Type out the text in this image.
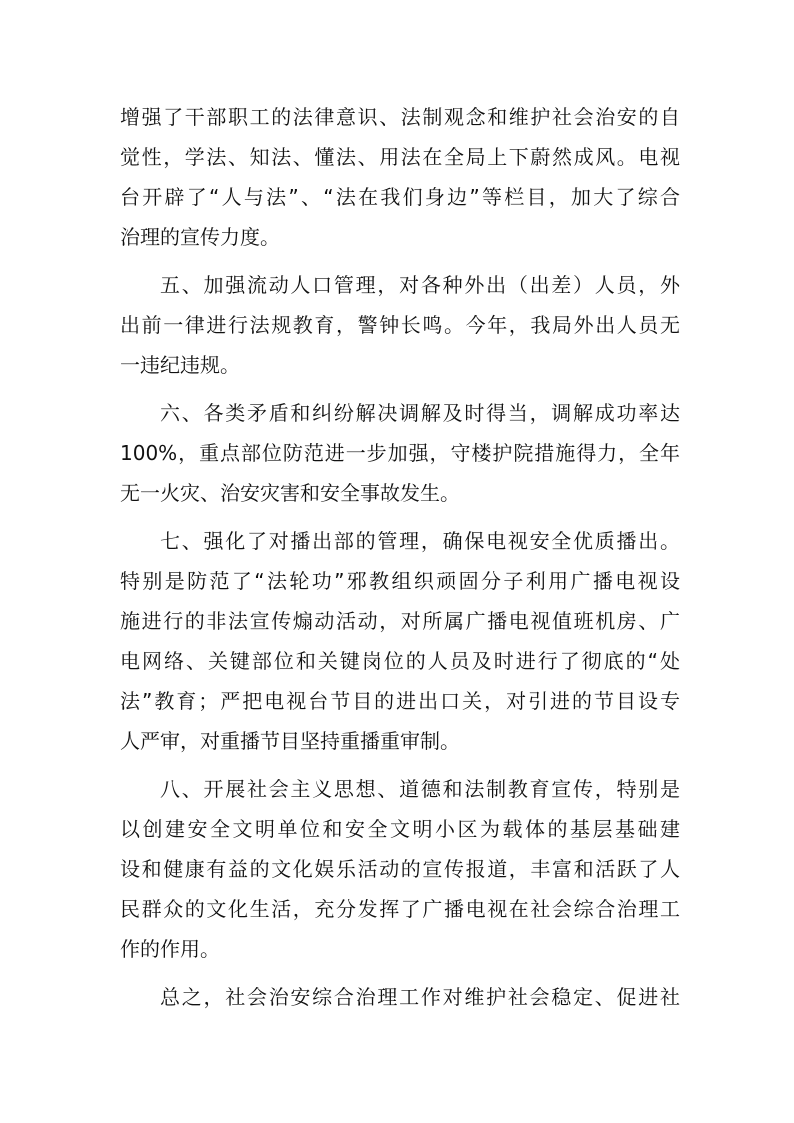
增强了干部职工的法律意识、法制观念和维护社会治安的自
觉性，学法、知法、懂法、用法在全局上下蔚然成风。电视
台开辟了“人与法”、“法在我们身边”等栏目，加大了综合
治理的宣传力度。
五、加强流动人口管理，对各种外出（出差）人员，外
出前一律进行法规教育，警钟长鸣。今年，我局外出人员无
一违纪违规。
六、各类矛盾和纠纷解决调解及时得当，调解成功率达
100%，重点部位防范进一步加强，守楼护院措施得力，全年
无一火灾、治安灾害和安全事故发生。
七、强化了对播出部的管理，确保电视安全优质播出。
特别是防范了“法轮功”邪教组织顽固分子利用广播电视设
施进行的非法宣传煽动活动，对所属广播电视值班机房、广
电网络、关键部位和关键岗位的人员及时进行了彻底的“处
法”教育；严把电视台节目的进出口关，对引进的节目设专
人严审，对重播节目坚持重播重审制。
八、开展社会主义思想、道德和法制教育宣传，特别是
以创建安全文明单位和安全文明小区为载体的基层基础建
设和健康有益的文化娱乐活动的宣传报道，丰富和活跃了人
民群众的文化生活，充分发挥了广播电视在社会综合治理工
作的作用。
总之，社会治安综合治理工作对维护社会稳定、促进社
